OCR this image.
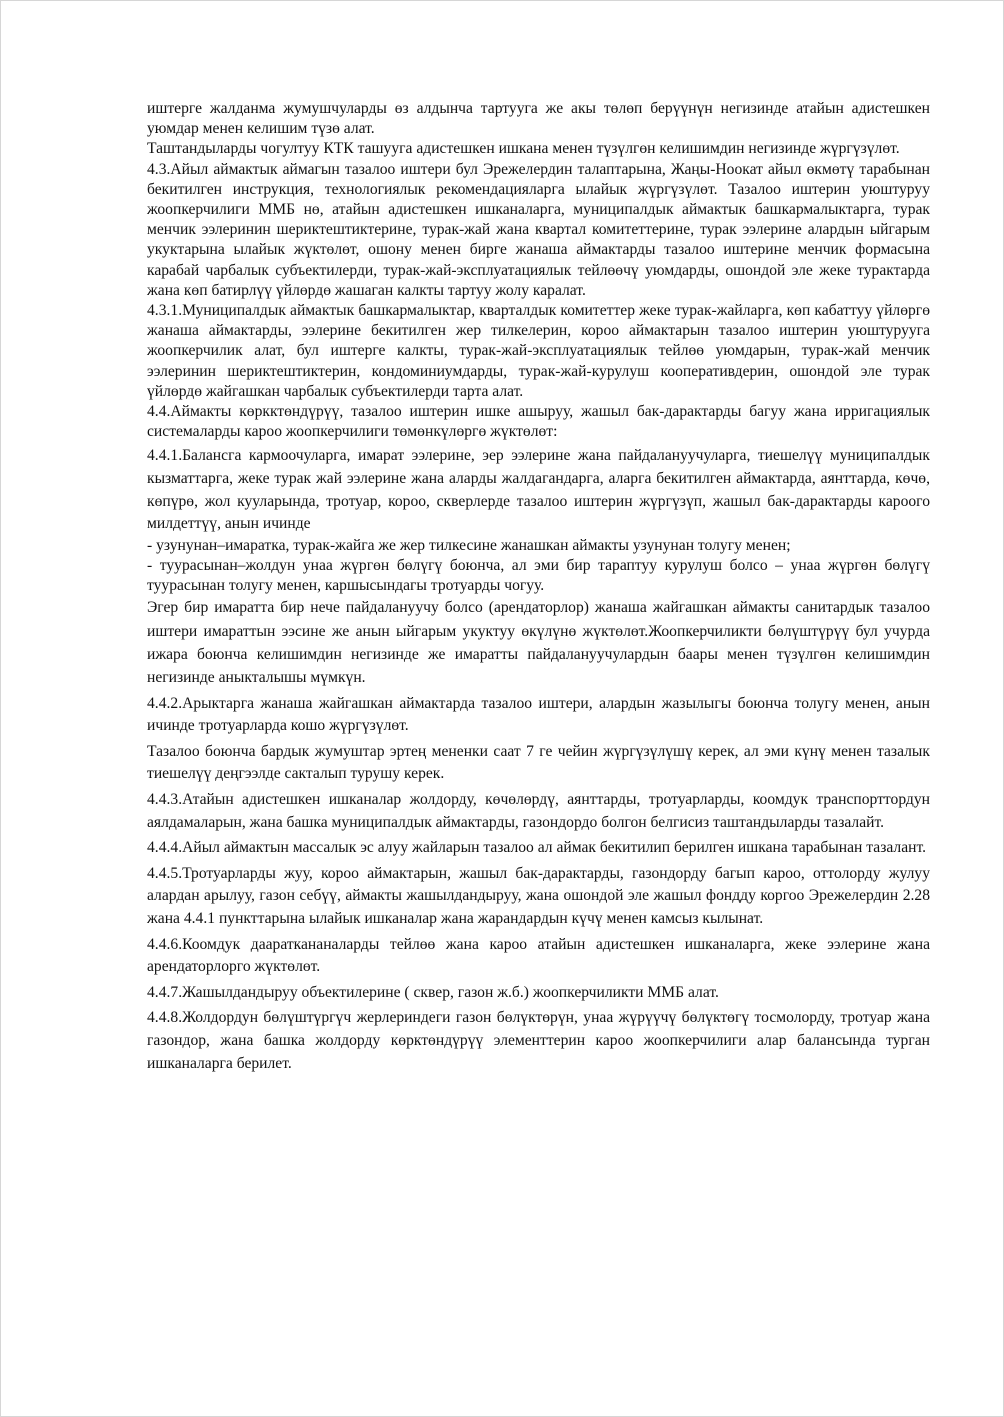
иштерге жалданма жумушчуларды өз алдынча тартууга же акы төлөп берүүнүн негизинде атайын адистешкен уюмдар менен келишим түзө алат.

Таштандыларды чогултуу КТК ташууга адистешкен ишкана менен түзүлгөн келишимдин негизинде жүргүзүлөт.

4.3.Айыл аймактык аймагын тазалоо иштери бул Эрежелердин талаптарына, Жаңы-Ноокат айыл өкмөтү тарабынан бекитилген инструкция, технологиялык рекомендацияларга ылайык жүргүзүлөт. Тазалоо иштерин уюштуруу жоопкерчилиги ММБ нө, атайын адистешкен ишканаларга, муниципалдык аймактык башкармалыктарга, турак менчик ээлеринин шериктештиктерине, турак-жай жана квартал комитеттерине, турак ээлерине алардын ыйгарым укуктарына ылайык жүктөлөт, ошону менен бирге жанаша аймактарды тазалоо иштерине менчик формасына карабай чарбалык субъектилерди, турак-жай-эксплуатациялык тейлөөчү уюмдарды, ошондой эле жеке турактарда жана көп батирлүү үйлөрдө жашаган калкты тартуу жолу каралат.

4.3.1.Муниципалдык аймактык башкармалыктар, кварталдык комитеттер жеке турак-жайларга, көп кабаттуу үйлөргө жанаша аймактарды, ээлерине бекитилген жер тилкелерин, короо аймактарын тазалоо иштерин уюштурууга жоопкерчилик алат, бул иштерге калкты, турак-жай-эксплуатациялык тейлөө уюмдарын, турак-жай менчик ээлеринин шериктештиктерин, кондоминиумдарды, турак-жай-курулуш кооперативдерин, ошондой эле турак үйлөрдө жайгашкан чарбалык субъектилерди тарта алат.

4.4.Аймакты көркктөндүрүү, тазалоо иштерин ишке ашыруу, жашыл бак-дарактарды багуу жана ирригациялык системаларды кароо жоопкерчилиги төмөнкүлөргө жүктөлөт:

4.4.1.Балансга кармоочуларга, имарат ээлерине, эер ээлерине жана пайдалануучуларга, тиешелүү муниципалдык кызматтарга, жеке турак жай ээлерине жана аларды жалдагандарга, аларга бекитилген аймактарда, аянттарда, көчө, көпүрө, жол кууларында, тротуар, короо, скверлерде тазалоо иштерин жүргүзүп, жашыл бак-дарактарды кароого милдеттүү, анын ичинде

- узунунан–имаратка, турак-жайга же жер тилкесине жанашкан аймакты узунунан толугу менен;

- туурасынан–жолдун унаа жүргөн бөлүгү боюнча, ал эми бир тараптуу курулуш болсо – унаа жүргөн бөлүгү туурасынан толугу менен, каршысындагы тротуарды чогуу.

Эгер бир имаратта бир нече пайдалануучу болсо (арендаторлор) жанаша жайгашкан аймакты санитардык тазалоо иштери имараттын ээсине же анын ыйгарым укуктуу өкүлүнө жүктөлөт.Жоопкерчиликти бөлүштүрүү бул учурда ижара боюнча келишимдин негизинде же имаратты пайдалануучулардын баары менен түзүлгөн келишимдин негизинде аныкталышы мүмкүн.

4.4.2.Арыктарга жанаша жайгашкан аймактарда тазалоо иштери, алардын жазылыгы боюнча толугу менен, анын ичинде тротуарларда кошо жүргүзүлөт.

Тазалоо боюнча бардык жумуштар эртең мененки саат 7 ге чейин жүргүзүлүшү керек, ал эми күнү менен тазалык тиешелүү деңгээлде сакталып турушу керек.

4.4.3.Атайын адистешкен ишканалар жолдорду, көчөлөрдү, аянттарды, тротуарларды, коомдук транспорттордун аялдамаларын, жана башка муниципалдык аймактарды, газондордо болгон белгисиз таштандыларды тазалайт.

4.4.4.Айыл аймактын массалык эс алуу жайларын тазалоо ал аймак бекитилип берилген ишкана тарабынан тазалант.

4.4.5.Тротуарларды жуу, короо аймактарын, жашыл бак-дарактарды, газондорду багып кароо, оттолорду жулуу алардан арылуу, газон себүү, аймакты жашылдандыруу, жана ошондой эле жашыл фондду коргоо Эрежелердин 2.28 жана 4.4.1 пункттарына ылайык ишканалар жана жарандардын күчү менен камсыз кылынат.

4.4.6.Коомдук даараткананаларды тейлөө жана кароо атайын адистешкен ишканаларга, жеке ээлерине жана арендаторлорго жүктөлөт.

4.4.7.Жашылдандыруу объектилерине ( сквер, газон ж.б.) жоопкерчиликти ММБ алат.

4.4.8.Жолдордун бөлүштүргүч жерлериндеги газон бөлүктөрүн, унаа жүрүүчү бөлүктөгү тосмолорду, тротуар жана газондор, жана башка жолдорду көрктөндүрүү элементтерин кароо жоопкерчилиги алар балансында турган ишканаларга берилет.
